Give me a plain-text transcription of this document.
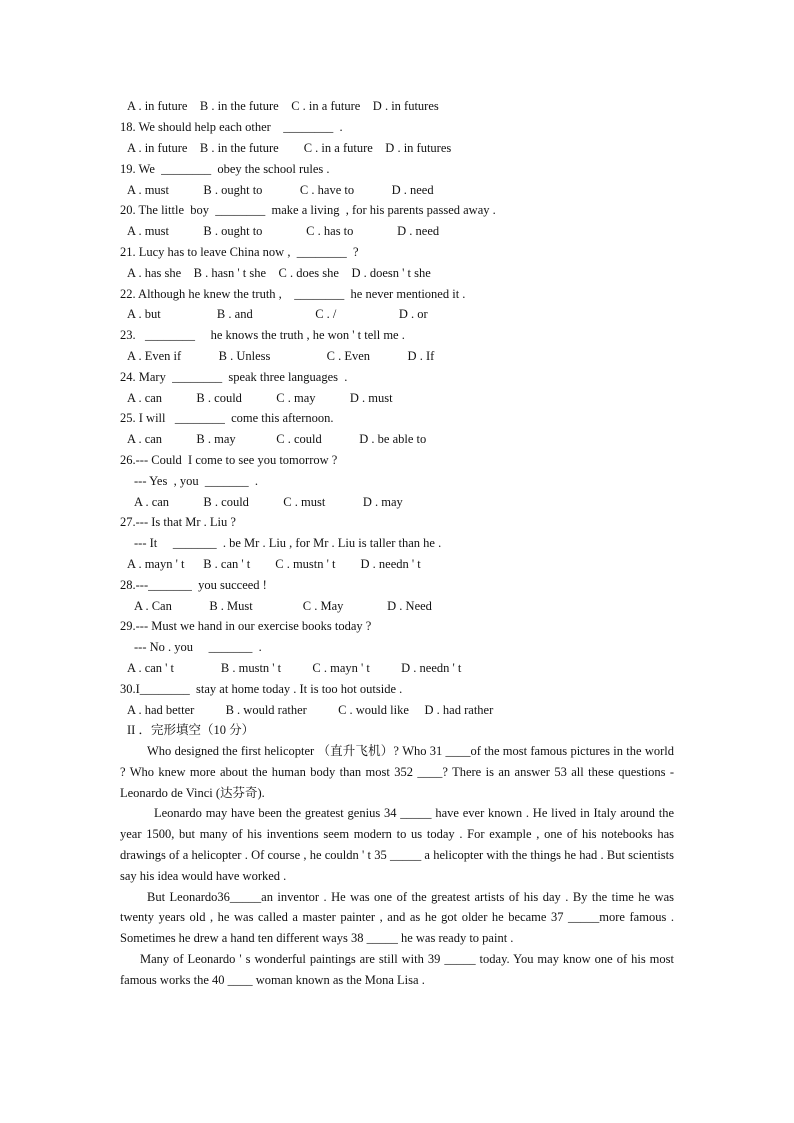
A . in future    B . in the future    C . in a future    D . in futures
18. We should help each other    ________  .
A . in future    B . in the future        C . in a future    D . in futures
19. We  ________  obey the school rules .
A . must           B . ought to            C . have to            D . need
20. The little  boy  ________  make a living  , for his parents passed away .
A . must           B . ought to              C . has to              D . need
21. Lucy has to leave China now ,  ________  ?
A . has she    B . hasn ' t she    C . does she    D . doesn ' t she
22. Although he knew the truth ,    ________  he never mentioned it .
A . but                  B . and                    C . /                    D . or
23.   ________     he knows the truth , he won ' t tell me .
A . Even if            B . Unless                  C . Even            D . If
24. Mary  ________  speak three languages  .
A . can           B . could           C . may           D . must
25. I will   ________  come this afternoon.
A . can           B . may             C . could            D . be able to
26.--- Could  I come to see you tomorrow ?
--- Yes  , you  _______  .
A . can           B . could           C . must            D . may
27.--- Is that Mr . Liu ?
--- It     _______  . be Mr . Liu , for Mr . Liu is taller than he .
A . mayn ' t      B . can ' t        C . mustn ' t        D . needn ' t
28.---_______  you succeed !
A . Can            B . Must                C . May              D . Need
29.--- Must we hand in our exercise books today ?
--- No . you     _______  .
A . can ' t               B . mustn ' t          C . mayn ' t          D . needn ' t
30.I________  stay at home today . It is too hot outside .
A . had better          B . would rather          C . would like     D . had rather
II ．完形填空（10 分）

Who designed the first helicopter （直升飞机）? Who 31 ____of the most famous pictures in the world ? Who knew more about the human body than most 352 ____? There is an answer 53 all these questions - Leonardo de Vinci (达芬奇).

Leonardo may have been the greatest genius 34 _____ have ever known . He lived in Italy around the year 1500, but many of his inventions seem modern to us today . For example , one of his notebooks has drawings of a helicopter . Of course , he couldn ' t 35 _____ a helicopter with the things he had . But scientists say his idea would have worked .

But Leonardo36_____an inventor . He was one of the greatest artists of his day . By the time he was twenty years old , he was called a master painter , and as he got older he became 37 _____more famous . Sometimes he drew a hand ten different ways 38 _____ he was ready to paint .

Many of Leonardo ' s wonderful paintings are still with 39 _____ today. You may know one of his most famous works the 40 ____ woman known as the Mona Lisa .
